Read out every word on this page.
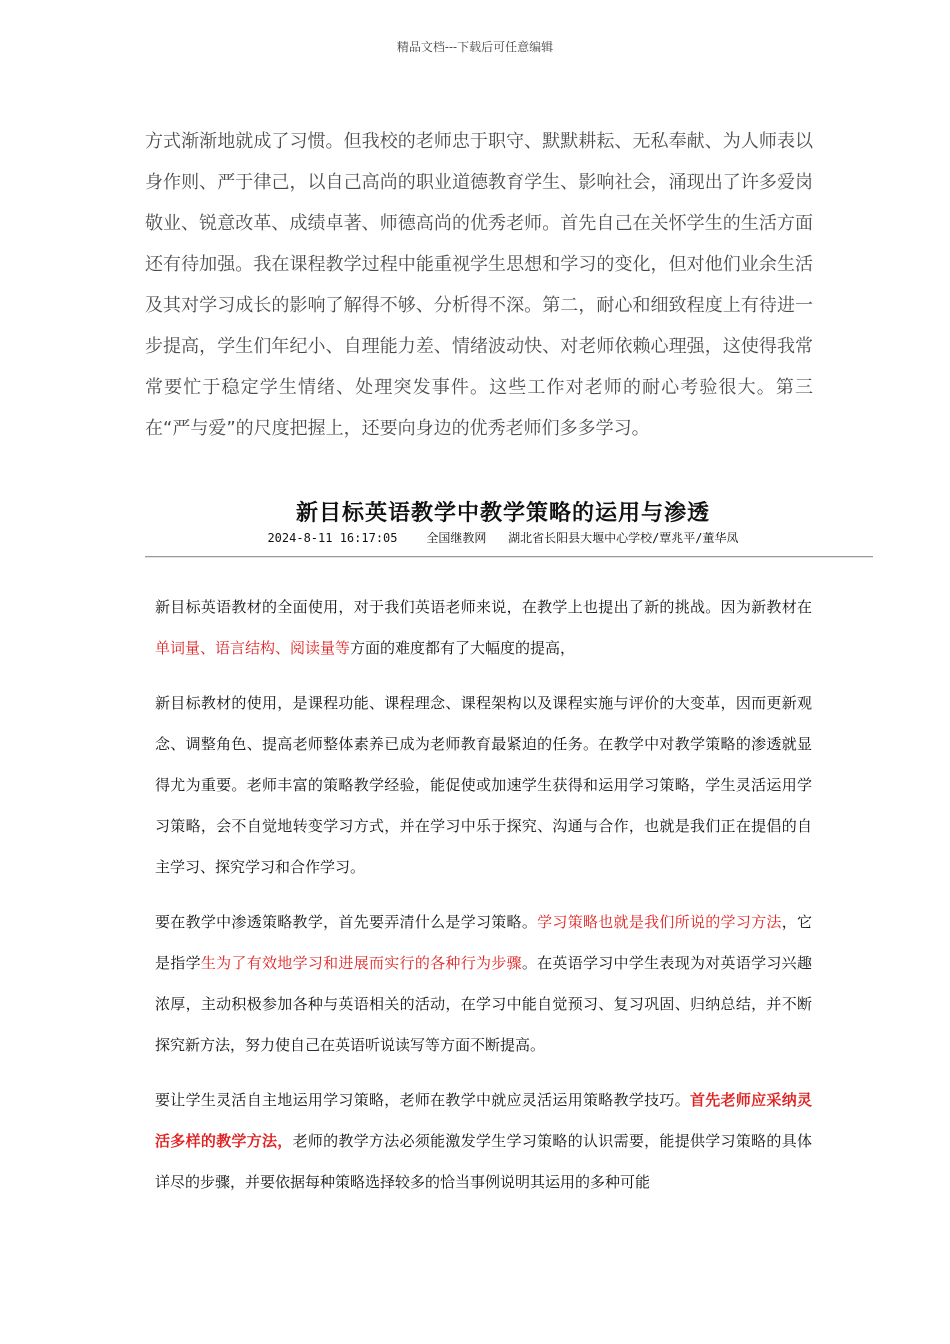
精品文档---下载后可任意编辑

方式渐渐地就成了习惯。但我校的老师忠于职守、默默耕耘、无私奉献、为人师表以身作则、严于律己，以自己高尚的职业道德教育学生、影响社会，涌现出了许多爱岗敬业、锐意改革、成绩卓著、师德高尚的优秀老师。首先自己在关怀学生的生活方面还有待加强。我在课程教学过程中能重视学生思想和学习的变化，但对他们业余生活及其对学习成长的影响了解得不够、分析得不深。第二，耐心和细致程度上有待进一步提高，学生们年纪小、自理能力差、情绪波动快、对老师依赖心理强，这使得我常常要忙于稳定学生情绪、处理突发事件。这些工作对老师的耐心考验很大。第三在“严与爱”的尺度把握上，还要向身边的优秀老师们多多学习。

新目标英语教学中教学策略的运用与渗透
2024-8-11 16:17:05    全国继教网   湖北省长阳县大堰中心学校/覃兆平/董华凤

新目标英语教材的全面使用，对于我们英语老师来说，在教学上也提出了新的挑战。因为新教材在单词量、语言结构、阅读量等方面的难度都有了大幅度的提高，

新目标教材的使用，是课程功能、课程理念、课程架构以及课程实施与评价的大变革，因而更新观念、调整角色、提高老师整体素养已成为老师教育最紧迫的任务。在教学中对教学策略的渗透就显得尤为重要。老师丰富的策略教学经验，能促使或加速学生获得和运用学习策略，学生灵活运用学习策略，会不自觉地转变学习方式，并在学习中乐于探究、沟通与合作，也就是我们正在提倡的自主学习、探究学习和合作学习。

要在教学中渗透策略教学，首先要弄清什么是学习策略。学习策略也就是我们所说的学习方法，它是指学生为了有效地学习和进展而实行的各种行为步骤。在英语学习中学生表现为对英语学习兴趣浓厚，主动积极参加各种与英语相关的活动，在学习中能自觉预习、复习巩固、归纳总结，并不断探究新方法，努力使自己在英语听说读写等方面不断提高。

要让学生灵活自主地运用学习策略，老师在教学中就应灵活运用策略教学技巧。首先老师应采纳灵活多样的教学方法，老师的教学方法必须能激发学生学习策略的认识需要，能提供学习策略的具体详尽的步骤，并要依据每种策略选择较多的恰当事例说明其运用的多种可能
